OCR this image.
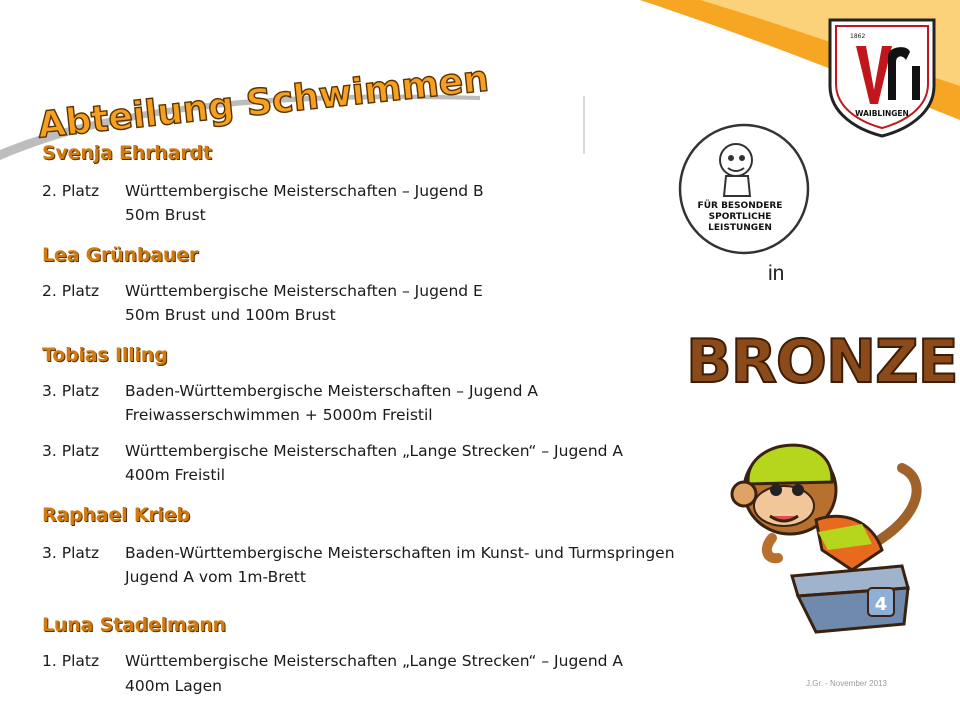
Abteilung Schwimmen
Svenja Ehrhardt
2. Platz Württembergische Meisterschaften – Jugend B
50m Brust
Lea Grünbauer
2. Platz Württembergische Meisterschaften – Jugend E
50m Brust und 100m Brust
Tobias Illing
3. Platz Baden-Württembergische Meisterschaften – Jugend A
Freiwasserschwimmen + 5000m Freistil
3. Platz Württembergische Meisterschaften „Lange Strecken“ – Jugend A
400m Freistil
Raphael Krieb
3. Platz Baden-Württembergische Meisterschaften im Kunst- und Turmspringen
Jugend A vom 1m-Brett
Luna Stadelmann
1. Platz Württembergische Meisterschaften „Lange Strecken“ – Jugend A
400m Lagen
1862
WAIBLINGEN
FÜR BESONDERE
SPORTLICHE
LEISTUNGEN
in
BRONZE
4
J.Gr. - November 2013
